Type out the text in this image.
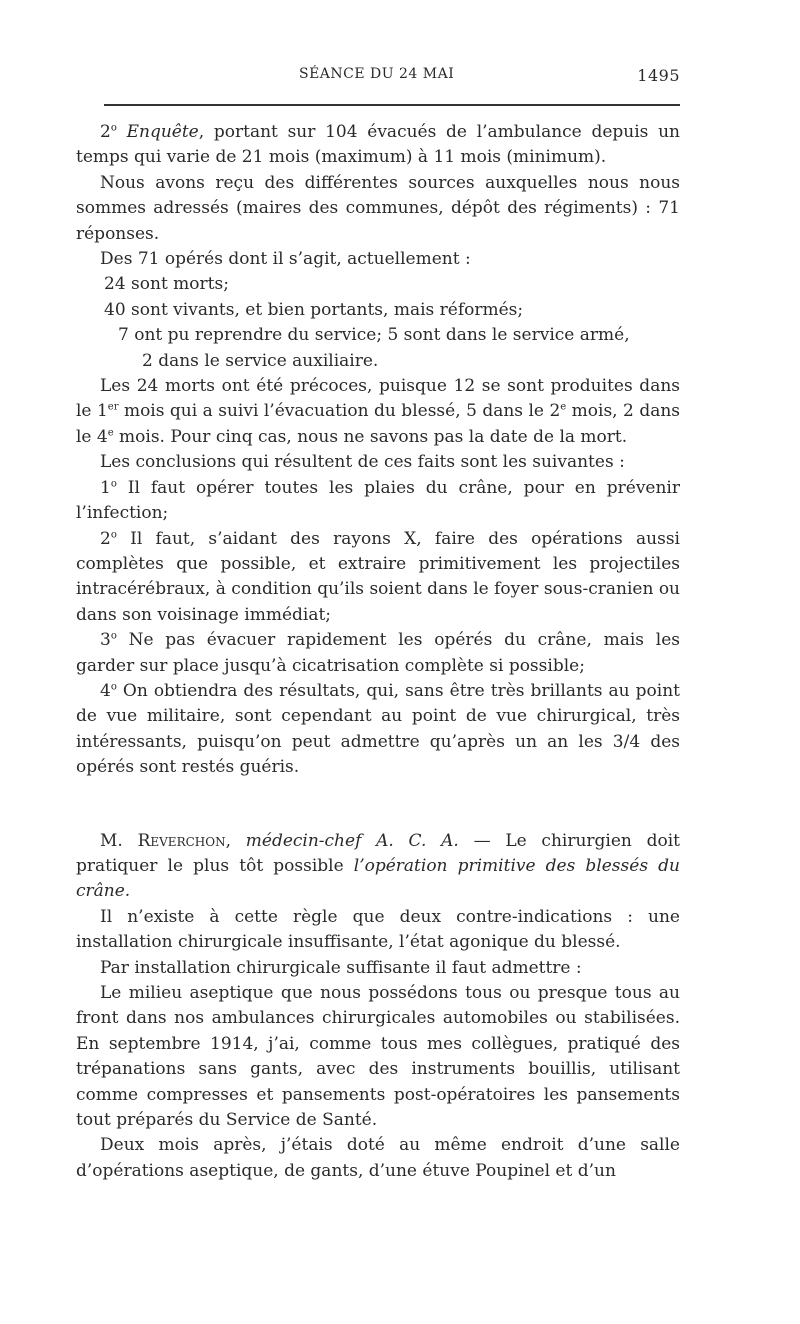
SÉANCE DU 24 MAI	1495

2$^o$ Enquête, portant sur 104 évacués de l’ambulance depuis un temps qui varie de 21 mois (maximum) à 11 mois (minimum).

Nous avons reçu des différentes sources auxquelles nous nous sommes adressés (maires des communes, dépôt des régiments) : 71 réponses.

Des 71 opérés dont il s’agit, actuellement :

24 sont morts;

40 sont vivants, et bien portants, mais réformés;

7 ont pu reprendre du service; 5 sont dans le service armé,

2 dans le service auxiliaire.

Les 24 morts ont été précoces, puisque 12 se sont produites dans le 1er mois qui a suivi l’évacuation du blessé, 5 dans le 2e mois, 2 dans le 4e mois. Pour cinq cas, nous ne savons pas la date de la mort.

Les conclusions qui résultent de ces faits sont les suivantes :

1$^o$ Il faut opérer toutes les plaies du crâne, pour en prévenir l’infection;

2$^o$ Il faut, s’aidant des rayons X, faire des opérations aussi complètes que possible, et extraire primitivement les projectiles intracérébraux, à condition qu’ils soient dans le foyer sous-cranien ou dans son voisinage immédiat;

3$^o$ Ne pas évacuer rapidement les opérés du crâne, mais les garder sur place jusqu’à cicatrisation complète si possible;

4$^o$ On obtiendra des résultats, qui, sans être très brillants au point de vue militaire, sont cependant au point de vue chirurgical, très intéressants, puisqu’on peut admettre qu’après un an les 3/4 des opérés sont restés guéris.

M. Reverchon, médecin-chef A. C. A. — Le chirurgien doit pratiquer le plus tôt possible l’opération primitive des blessés du crâne.

Il n’existe à cette règle que deux contre-indications : une installation chirurgicale insuffisante, l’état agonique du blessé.

Par installation chirurgicale suffisante il faut admettre :

Le milieu aseptique que nous possédons tous ou presque tous au front dans nos ambulances chirurgicales automobiles ou stabilisées. En septembre 1914, j’ai, comme tous mes collègues, pratiqué des trépanations sans gants, avec des instruments bouillis, utilisant comme compresses et pansements post-opératoires les pansements tout préparés du Service de Santé.

Deux mois après, j’étais doté au même endroit d’une salle d’opérations aseptique, de gants, d’une étuve Poupinel et d’un
